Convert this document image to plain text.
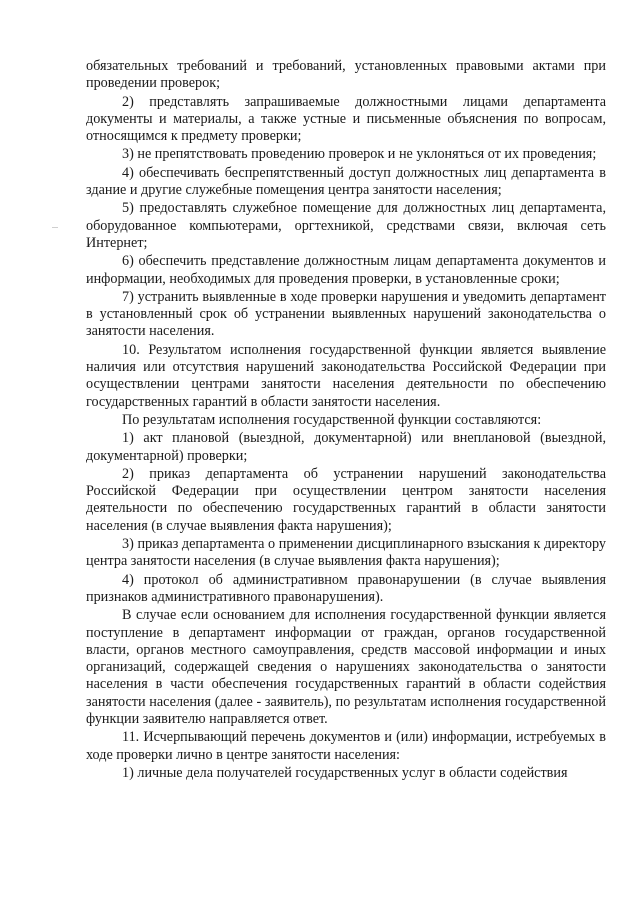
обязательных требований и требований, установленных правовыми актами при проведении проверок;

2) представлять запрашиваемые должностными лицами департамента документы и материалы, а также устные и письменные объяснения по вопросам, относящимся к предмету проверки;

3) не препятствовать проведению проверок и не уклоняться от их проведения;

4) обеспечивать беспрепятственный доступ должностных лиц департамента в здание и другие служебные помещения центра занятости населения;

5) предоставлять служебное помещение для должностных лиц департамента, оборудованное компьютерами, оргтехникой, средствами связи, включая сеть Интернет;

6) обеспечить представление должностным лицам департамента документов и информации, необходимых для проведения проверки, в установленные сроки;

7) устранить выявленные в ходе проверки нарушения и уведомить департамент в установленный срок об устранении выявленных нарушений законодательства о занятости населения.

10. Результатом исполнения государственной функции является выявление наличия или отсутствия нарушений законодательства Российской Федерации при осуществлении центрами занятости населения деятельности по обеспечению государственных гарантий в области занятости населения.

По результатам исполнения государственной функции составляются:

1) акт плановой (выездной, документарной) или внеплановой (выездной, документарной) проверки;

2) приказ департамента об устранении нарушений законодательства Российской Федерации при осуществлении центром занятости населения деятельности по обеспечению государственных гарантий в области занятости населения (в случае выявления факта нарушения);

3) приказ департамента о применении дисциплинарного взыскания к директору центра занятости населения (в случае выявления факта нарушения);

4) протокол об административном правонарушении (в случае выявления признаков административного правонарушения).

В случае если основанием для исполнения государственной функции является поступление в департамент информации от граждан, органов государственной власти, органов местного самоуправления, средств массовой информации и иных организаций, содержащей сведения о нарушениях законодательства о занятости населения в части обеспечения государственных гарантий в области содействия занятости населения (далее - заявитель), по результатам исполнения государственной функции заявителю направляется ответ.

11. Исчерпывающий перечень документов и (или) информации, истребуемых в ходе проверки лично в центре занятости населения:

1) личные дела получателей государственных услуг в области содействия
